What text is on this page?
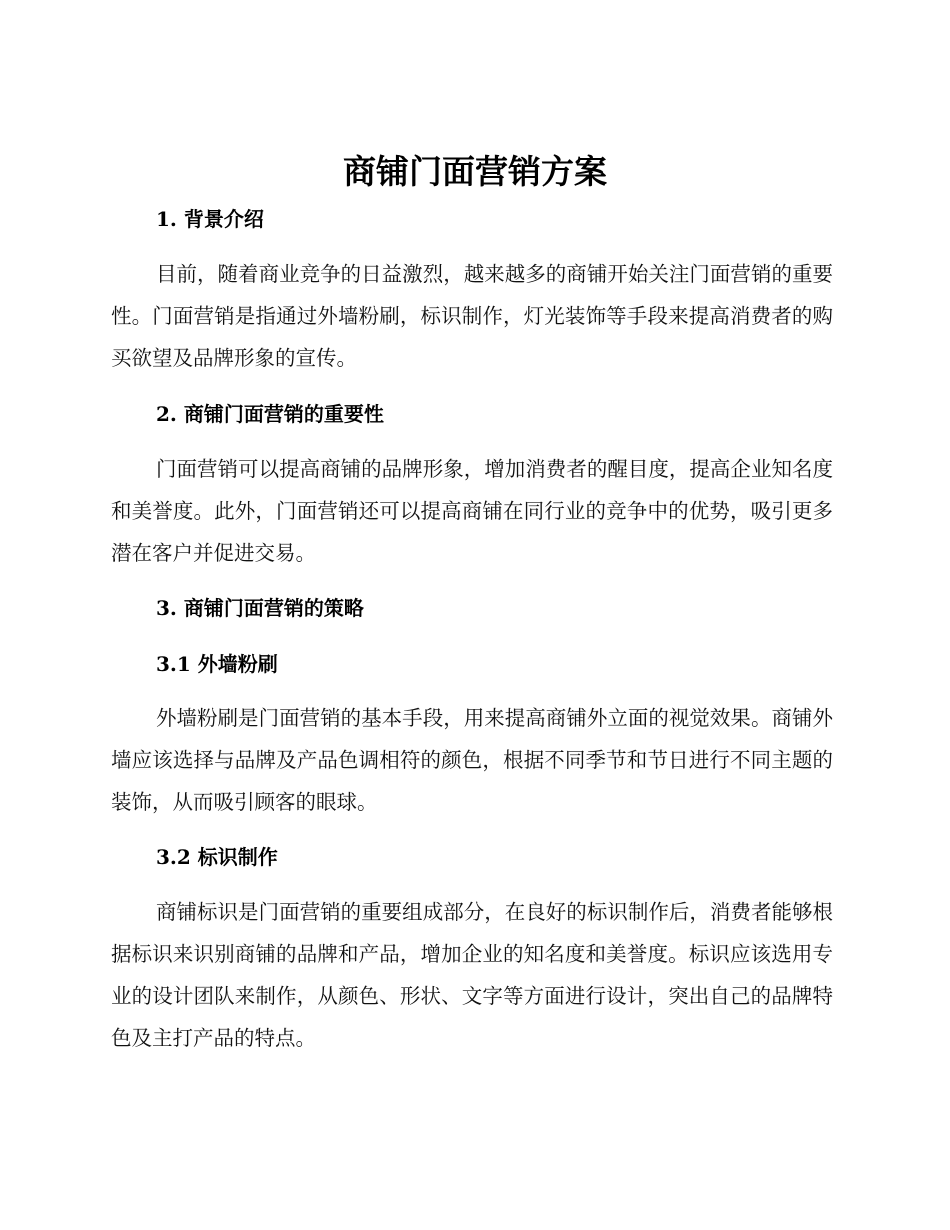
商铺门面营销方案
1. 背景介绍

目前，随着商业竞争的日益激烈，越来越多的商铺开始关注门面营销的重要性。门面营销是指通过外墙粉刷，标识制作，灯光装饰等手段来提高消费者的购买欲望及品牌形象的宣传。

2. 商铺门面营销的重要性

门面营销可以提高商铺的品牌形象，增加消费者的醒目度，提高企业知名度和美誉度。此外，门面营销还可以提高商铺在同行业的竞争中的优势，吸引更多潜在客户并促进交易。

3. 商铺门面营销的策略
3.1 外墙粉刷

外墙粉刷是门面营销的基本手段，用来提高商铺外立面的视觉效果。商铺外墙应该选择与品牌及产品色调相符的颜色，根据不同季节和节日进行不同主题的装饰，从而吸引顾客的眼球。

3.2 标识制作

商铺标识是门面营销的重要组成部分，在良好的标识制作后，消费者能够根据标识来识别商铺的品牌和产品，增加企业的知名度和美誉度。标识应该选用专业的设计团队来制作，从颜色、形状、文字等方面进行设计，突出自己的品牌特色及主打产品的特点。
